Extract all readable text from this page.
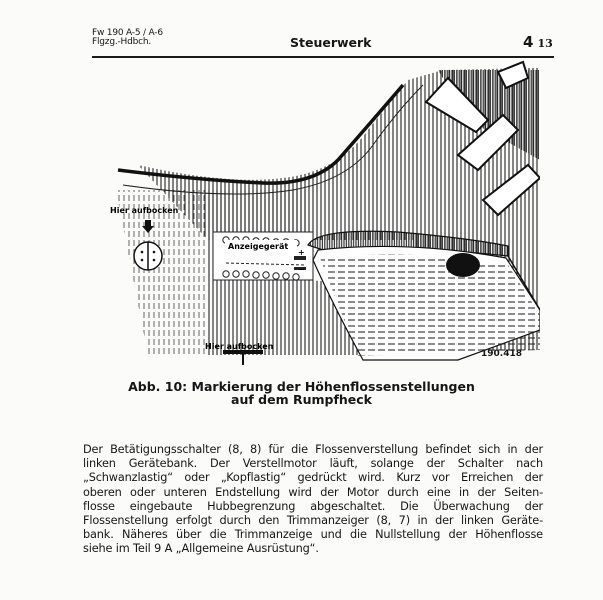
Fw 190 A-5 / A-6
Flgzg.-Hdbch.	Steuerwerk	4 13
Hier aufbocken
Hier aufbocken
Anzeigegerät
+
−
190.418
Abb. 10: Markierung der Höhenflossenstellungen
auf dem Rumpfheck
Der Betätigungsschalter (8, 8) für die Flossenverstellung befindet sich in der
linken Gerätebank. Der Verstellmotor läuft, solange der Schalter nach
„Schwanzlastig“ oder „Kopflastig“ gedrückt wird. Kurz vor Erreichen der
oberen oder unteren Endstellung wird der Motor durch eine in der Seiten-
flosse eingebaute Hubbegrenzung abgeschaltet. Die Überwachung der
Flossenstellung erfolgt durch den Trimmanzeiger (8, 7) in der linken Geräte-
bank. Näheres über die Trimmanzeige und die Nullstellung der Höhenflosse
siehe im Teil 9 A „Allgemeine Ausrüstung“.
